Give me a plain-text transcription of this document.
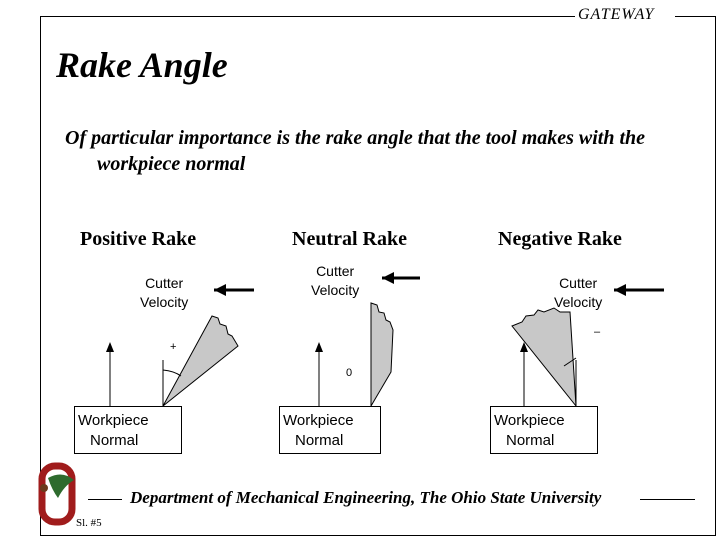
GATEWAY
Rake Angle
Of particular importance is the rake angle that the tool makes with the workpiece normal
Positive Rake	Neutral Rake	Negative Rake
Cutter
Velocity
Cutter
Velocity	Cutter
Velocity
+
0
–
Workpiece
Normal
Workpiece
Normal
Workpiece
Normal
Department of Mechanical Engineering, The Ohio State University
Sl. #5
